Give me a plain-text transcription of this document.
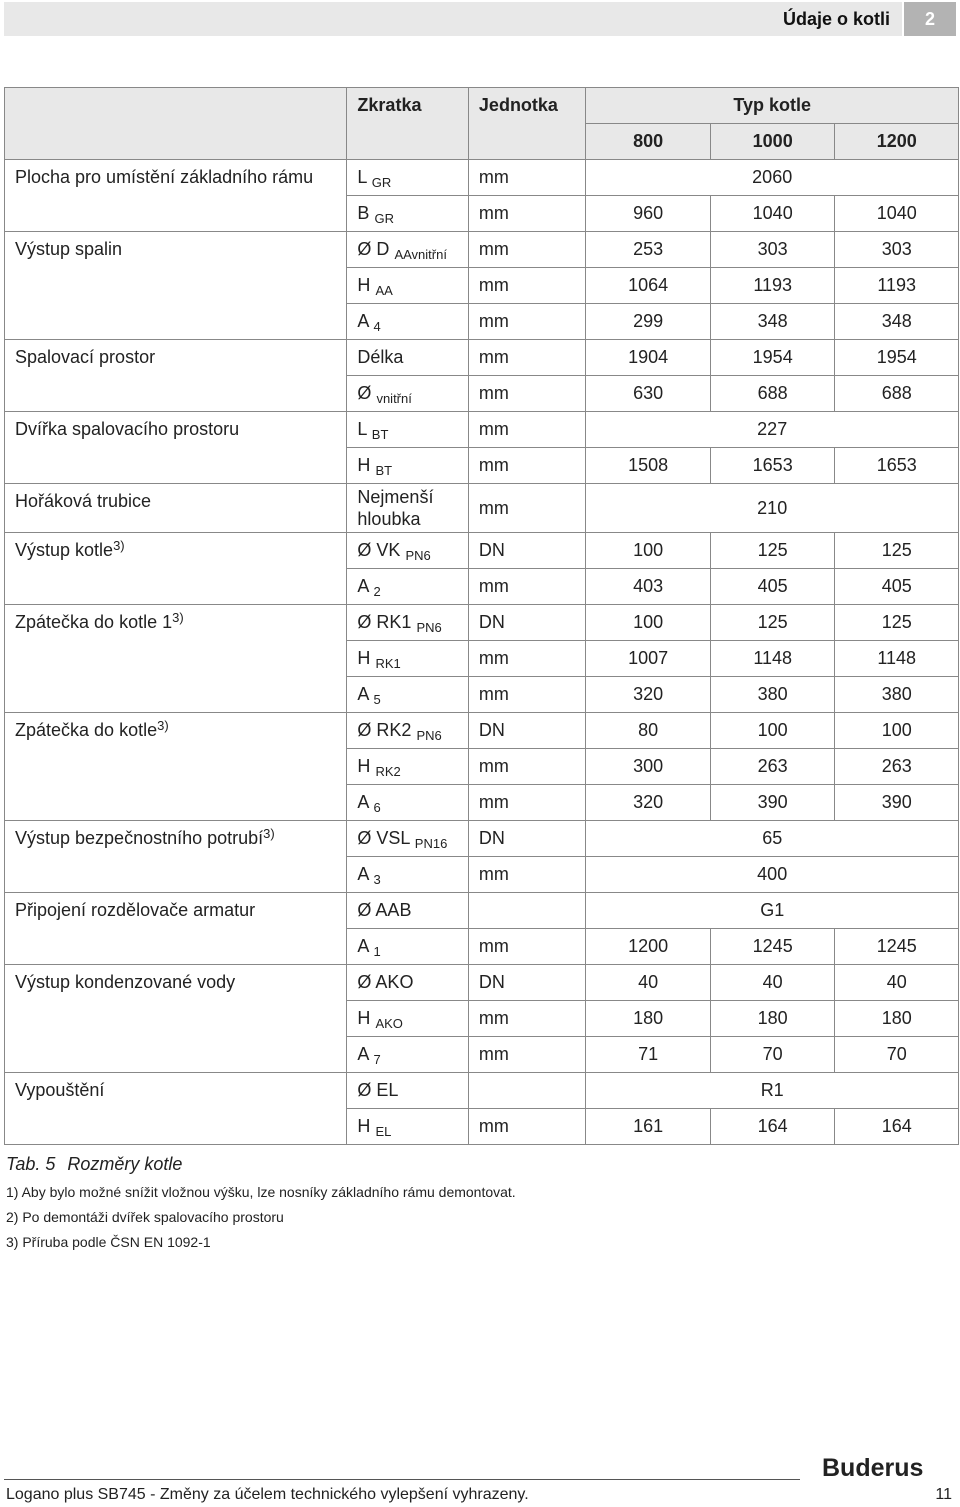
Údaje o kotli	2
	Zkratka	Jednotka	Typ kotle		
			800	1000	1200
Plocha pro umístění základního rámu	L $_{GR}$	mm	2060		
	B $_{GR}$	mm	960	1040	1040
Výstup spalin	Ø D $_{AAvnitřní}$	mm	253	303	303
	H $_{AA}$	mm	1064	1193	1193
	A $_4$	mm	299	348	348
Spalovací prostor	Délka	mm	1904	1954	1954
	Ø $_{vnitřní}$	mm	630	688	688
Dvířka spalovacího prostoru	L $_{BT}$	mm	227		
	H $_{BT}$	mm	1508	1653	1653
Hořáková trubice	Nejmenší hloubka	mm	210		
Výstup kotle$^{3)}$	Ø VK $_{PN6}$	DN	100	125	125
	A $_2$	mm	403	405	405
Zpátečka do kotle 1$^{3)}$	Ø RK1 $_{PN6}$	DN	100	125	125
	H $_{RK1}$	mm	1007	1148	1148
	A $_5$	mm	320	380	380
Zpátečka do kotle$^{3)}$	Ø RK2 $_{PN6}$	DN	80	100	100
	H $_{RK2}$	mm	300	263	263
	A $_6$	mm	320	390	390
Výstup bezpečnostního potrubí$^{3)}$	Ø VSL $_{PN16}$	DN	65		
	A $_3$	mm	400		
Připojení rozdělovače armatur	Ø AAB		G1		
	A $_1$	mm	1200	1245	1245
Výstup kondenzované vody	Ø AKO	DN	40	40	40
	H $_{AKO}$	mm	180	180	180
	A $_7$	mm	71	70	70
Vypouštění	Ø EL		R1		
	H $_{EL}$	mm	161	164	164
Tab. 5 Rozměry kotle
1) Aby bylo možné snížit vložnou výšku, lze nosníky základního rámu demontovat.
2) Po demontáži dvířek spalovacího prostoru
3) Příruba podle ČSN EN 1092-1
Buderus
Logano plus SB745 - Změny za účelem technického vylepšení vyhrazeny.	11
